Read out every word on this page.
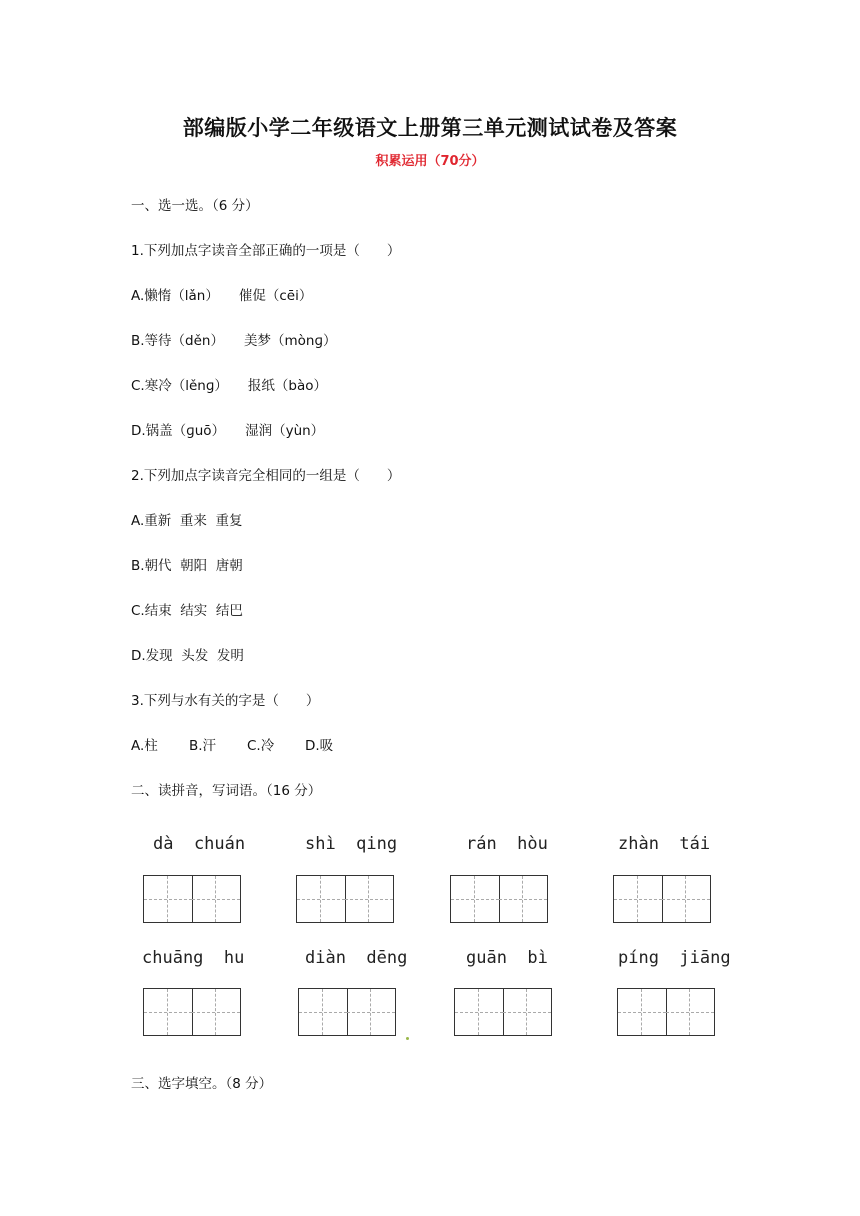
部编版小学二年级语文上册第三单元测试试卷及答案
积累运用（70分）
一、选一选。（6 分）
1.下列加点字读音全部正确的一项是（　　）
A.懒惰（lǎn） 催促（cēi）
B.等待（děn） 美梦（mònɡ）
C.寒冷（lěnɡ） 报纸（bào）
D.锅盖（ɡuō） 湿润（yùn）
2.下列加点字读音完全相同的一组是（　　）
A.重新  重来  重复
B.朝代  朝阳  唐朝
C.结束  结实  结巴
D.发现  头发  发明
3.下列与水有关的字是（　　）
A.柱 B.汗 C.冷 D.吸
二、读拼音，写词语。（16 分）
dà  chuán	shì  qing	rán  hòu	zhàn  tái
chuāng  hu	diàn  dēng	guān  bì	píng  jiāng
三、选字填空。（8 分）
